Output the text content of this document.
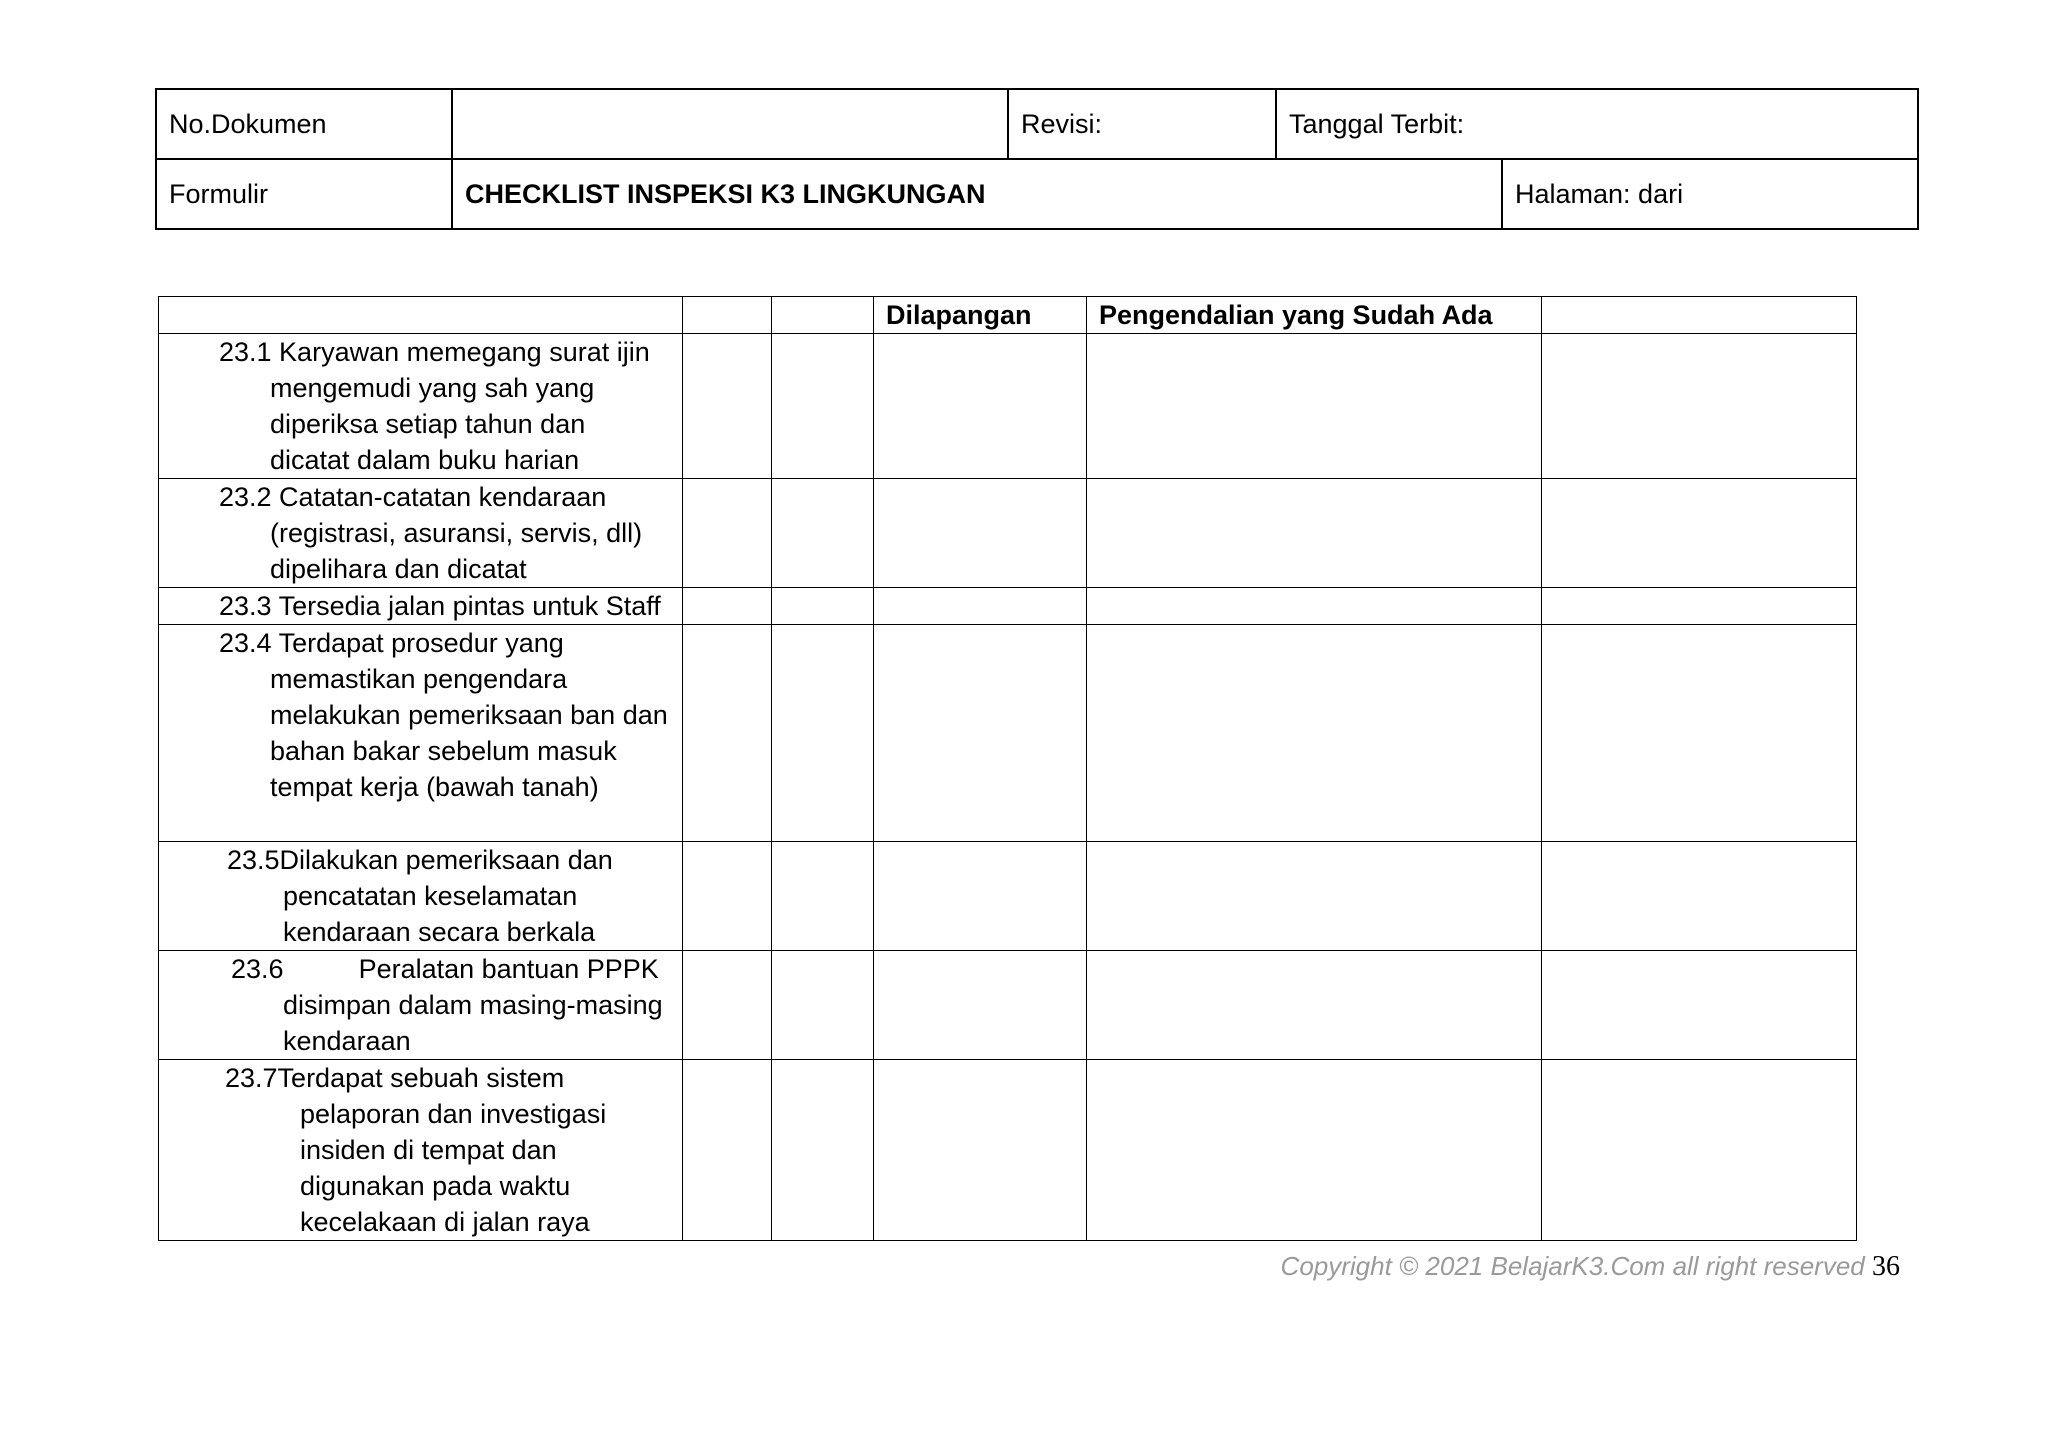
No.Dokumen		Revisi:	Tanggal Terbit:	
Formulir	CHECKLIST INSPEKSI K3 LINGKUNGAN			Halaman: dari
			Dilapangan	Pengendalian yang Sudah Ada	

23.1 Karyawan memegang surat ijin
mengemudi yang sah yang
diperiksa setiap tahun dan
dicatat dalam buku harian					

23.2 Catatan-catatan kendaraan
(registrasi, asuransi, servis, dll)
dipelihara dan dicatat					

23.3 Tersedia jalan pintas untuk Staff					

23.4 Terdapat prosedur yang
memastikan pengendara
melakukan pemeriksaan ban dan
bahan bakar sebelum masuk
tempat kerja (bawah tanah)					

23.5Dilakukan pemeriksaan dan
pencatatan keselamatan
kendaraan secara berkala					

23.6          Peralatan bantuan PPPK
disimpan dalam masing-masing
kendaraan					

23.7Terdapat sebuah sistem
pelaporan dan investigasi
insiden di tempat dan
digunakan pada waktu
kecelakaan di jalan raya					

Copyright © 2021 BelajarK3.Com all right reserved 36
